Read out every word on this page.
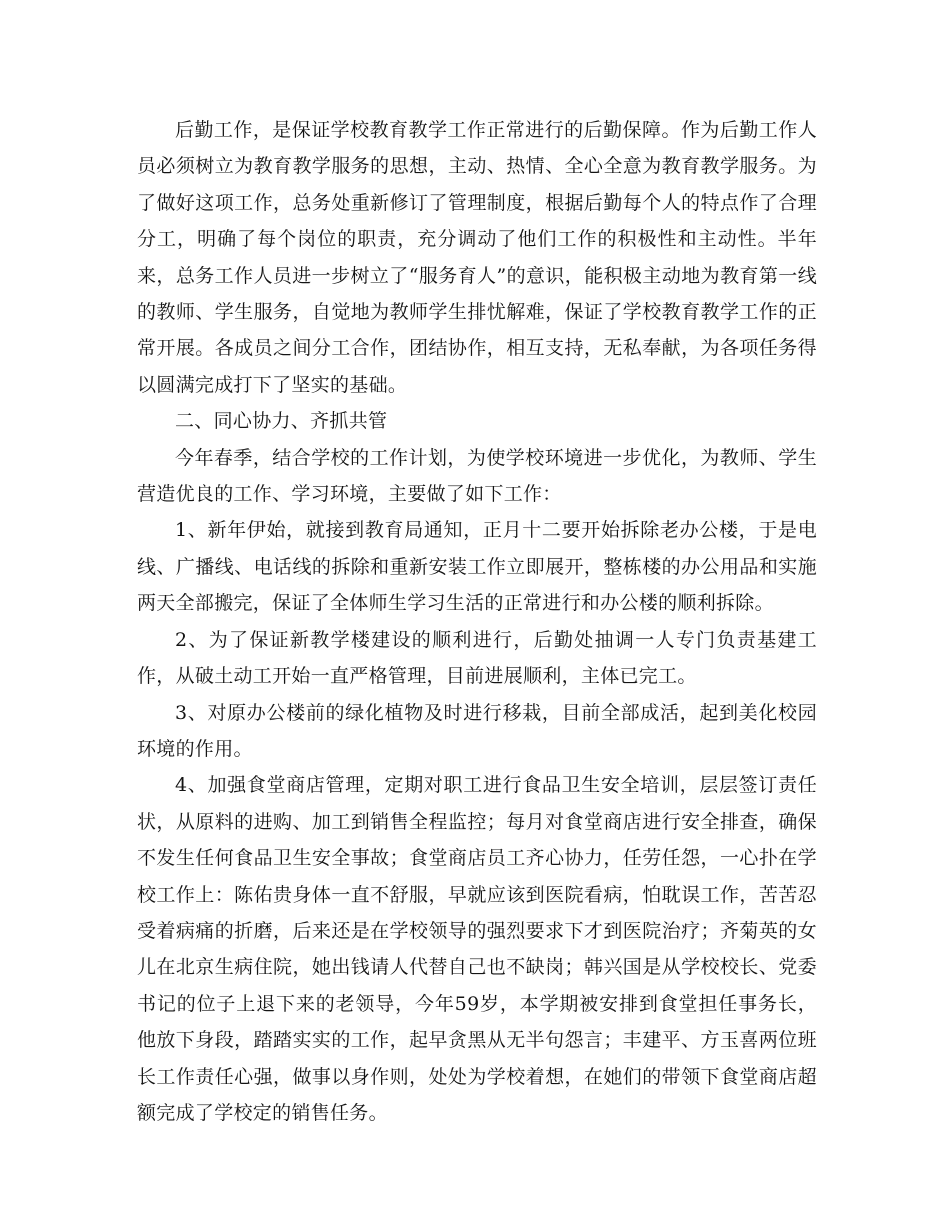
后勤工作，是保证学校教育教学工作正常进行的后勤保障。作为后勤工作人员必须树立为教育教学服务的思想，主动、热情、全心全意为教育教学服务。为了做好这项工作，总务处重新修订了管理制度，根据后勤每个人的特点作了合理分工，明确了每个岗位的职责，充分调动了他们工作的积极性和主动性。半年来，总务工作人员进一步树立了“服务育人”的意识，能积极主动地为教育第一线的教师、学生服务，自觉地为教师学生排忧解难，保证了学校教育教学工作的正常开展。各成员之间分工合作，团结协作，相互支持，无私奉献，为各项任务得以圆满完成打下了坚实的基础。

二、同心协力、齐抓共管

今年春季，结合学校的工作计划，为使学校环境进一步优化，为教师、学生营造优良的工作、学习环境，主要做了如下工作：

1、新年伊始，就接到教育局通知，正月十二要开始拆除老办公楼，于是电线、广播线、电话线的拆除和重新安装工作立即展开，整栋楼的办公用品和实施两天全部搬完，保证了全体师生学习生活的正常进行和办公楼的顺利拆除。

2、为了保证新教学楼建设的顺利进行，后勤处抽调一人专门负责基建工作，从破土动工开始一直严格管理，目前进展顺利，主体已完工。

3、对原办公楼前的绿化植物及时进行移栽，目前全部成活，起到美化校园环境的作用。

4、加强食堂商店管理，定期对职工进行食品卫生安全培训，层层签订责任状，从原料的进购、加工到销售全程监控；每月对食堂商店进行安全排查，确保不发生任何食品卫生安全事故；食堂商店员工齐心协力，任劳任怨，一心扑在学校工作上：陈佑贵身体一直不舒服，早就应该到医院看病，怕耽误工作，苦苦忍受着病痛的折磨，后来还是在学校领导的强烈要求下才到医院治疗；齐菊英的女儿在北京生病住院，她出钱请人代替自己也不缺岗；韩兴国是从学校校长、党委书记的位子上退下来的老领导，今年59岁，本学期被安排到食堂担任事务长，他放下身段，踏踏实实的工作，起早贪黑从无半句怨言；丰建平、方玉喜两位班长工作责任心强，做事以身作则，处处为学校着想，在她们的带领下食堂商店超额完成了学校定的销售任务。
